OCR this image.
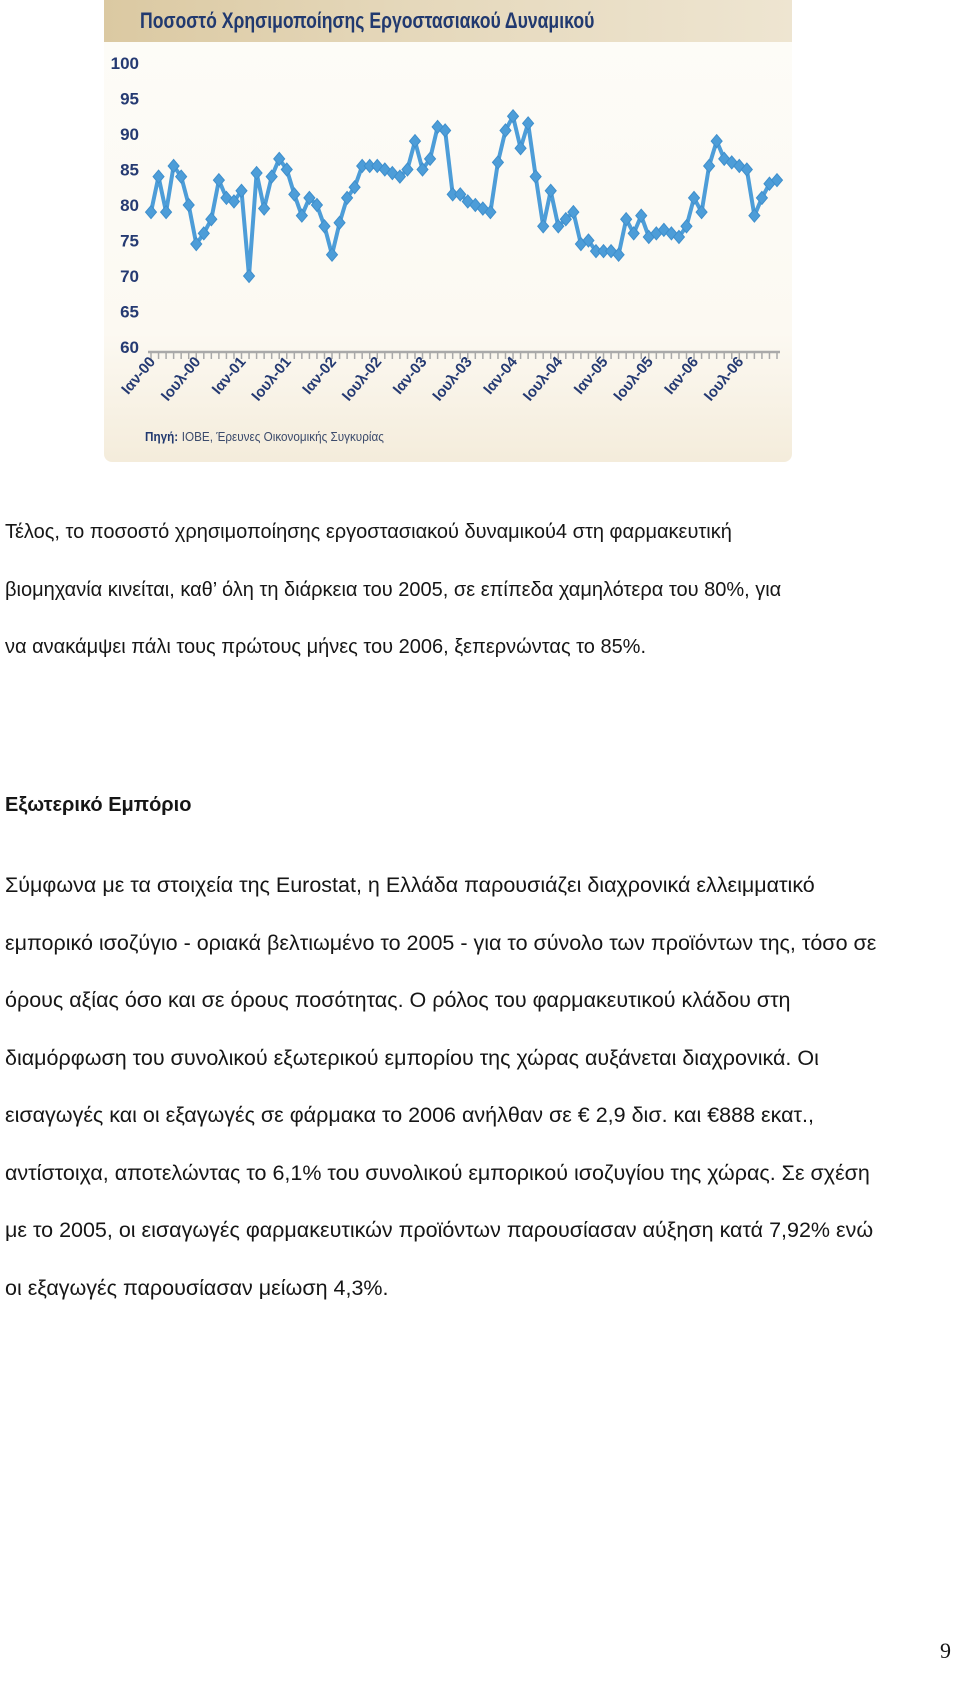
Ποσοστό Χρησιμοποίησης Εργοστασιακού Δυναμικού
100
95
90
85
80
75
70
65
60
Ιαν-00
Ιουλ-00 Ιαν-01
Ιουλ-01 Ιαν-02
Ιουλ-02 Ιαν-03
Ιουλ-03 Ιαν-04
Ιουλ-04 Ιαν-05
Ιουλ-05 Ιαν-06
Ιουλ-06
Πηγή: ΙΟΒΕ, Έρευνες Οικονομικής Συγκυρίας
Τέλος, το ποσοστό χρησιμοποίησης εργοστασιακού δυναμικού4 στη φαρμακευτική
βιομηχανία κινείται, καθ’ όλη τη διάρκεια του 2005, σε επίπεδα χαμηλότερα του 80%, για
να ανακάμψει πάλι τους πρώτους μήνες του 2006, ξεπερνώντας το 85%.
Εξωτερικό Εμπόριο
Σύμφωνα με τα στοιχεία της Eurostat, η Ελλάδα παρουσιάζει διαχρονικά ελλειμματικό
εμπορικό ισοζύγιο - οριακά βελτιωμένο το 2005 - για το σύνολο των προϊόντων της, τόσο σε
όρους αξίας όσο και σε όρους ποσότητας. Ο ρόλος του φαρμακευτικού κλάδου στη
διαμόρφωση του συνολικού εξωτερικού εμπορίου της χώρας αυξάνεται διαχρονικά. Οι
εισαγωγές και οι εξαγωγές σε φάρμακα το 2006 ανήλθαν σε € 2,9 δισ. και €888 εκατ.,
αντίστοιχα, αποτελώντας το 6,1% του συνολικού εμπορικού ισοζυγίου της χώρας. Σε σχέση
με το 2005, οι εισαγωγές φαρμακευτικών προϊόντων παρουσίασαν αύξηση κατά 7,92% ενώ
οι εξαγωγές παρουσίασαν μείωση 4,3%.
9
